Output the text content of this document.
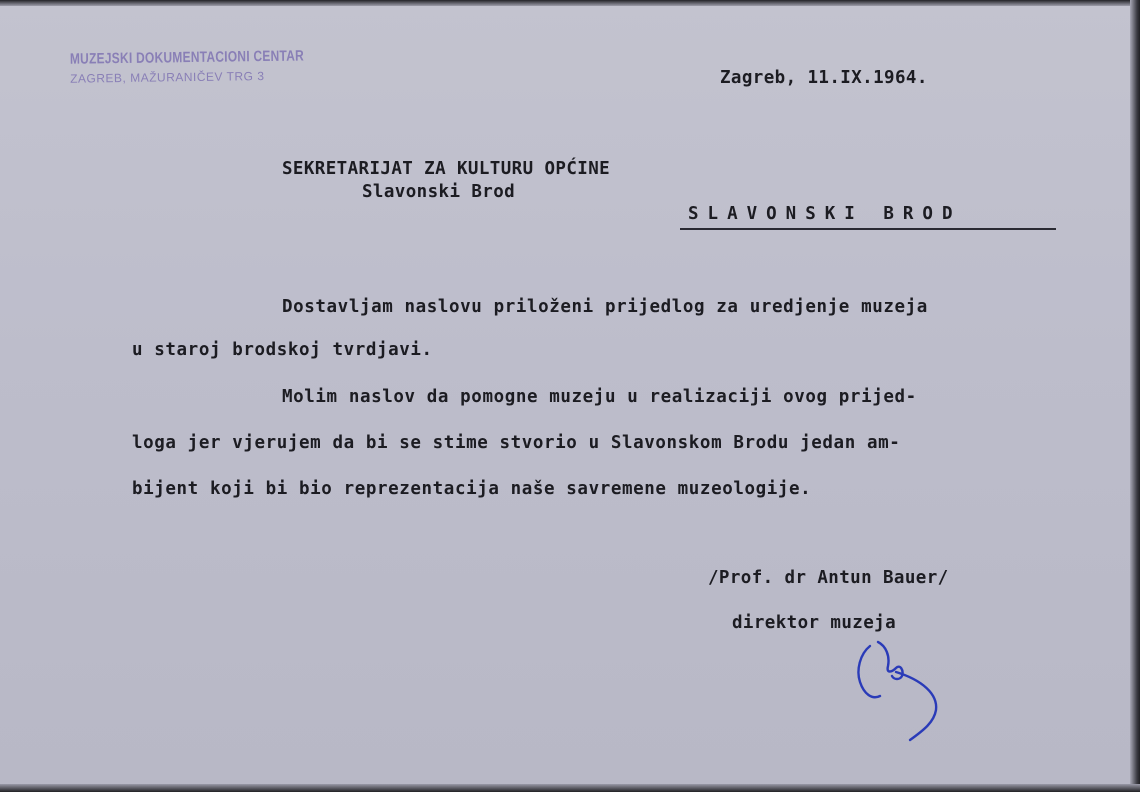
MUZEJSKI DOKUMENTACIONI CENTAR
ZAGREB, MAŽURANIČEV TRG 3	Zagreb, 11.IX.1964.
SEKRETARIJAT ZA KULTURU OPĆINE
Slavonski Brod
SLAVONSKI BROD
Dostavljam naslovu priloženi prijedlog za uredjenje muzeja
u staroj brodskoj tvrdjavi.
Molim naslov da pomogne muzeju u realizaciji ovog prijed-
loga jer vjerujem da bi se stime stvorio u Slavonskom Brodu jedan am-
bijent koji bi bio reprezentacija naše savremene muzeologije.
/Prof. dr Antun Bauer/
direktor muzeja
